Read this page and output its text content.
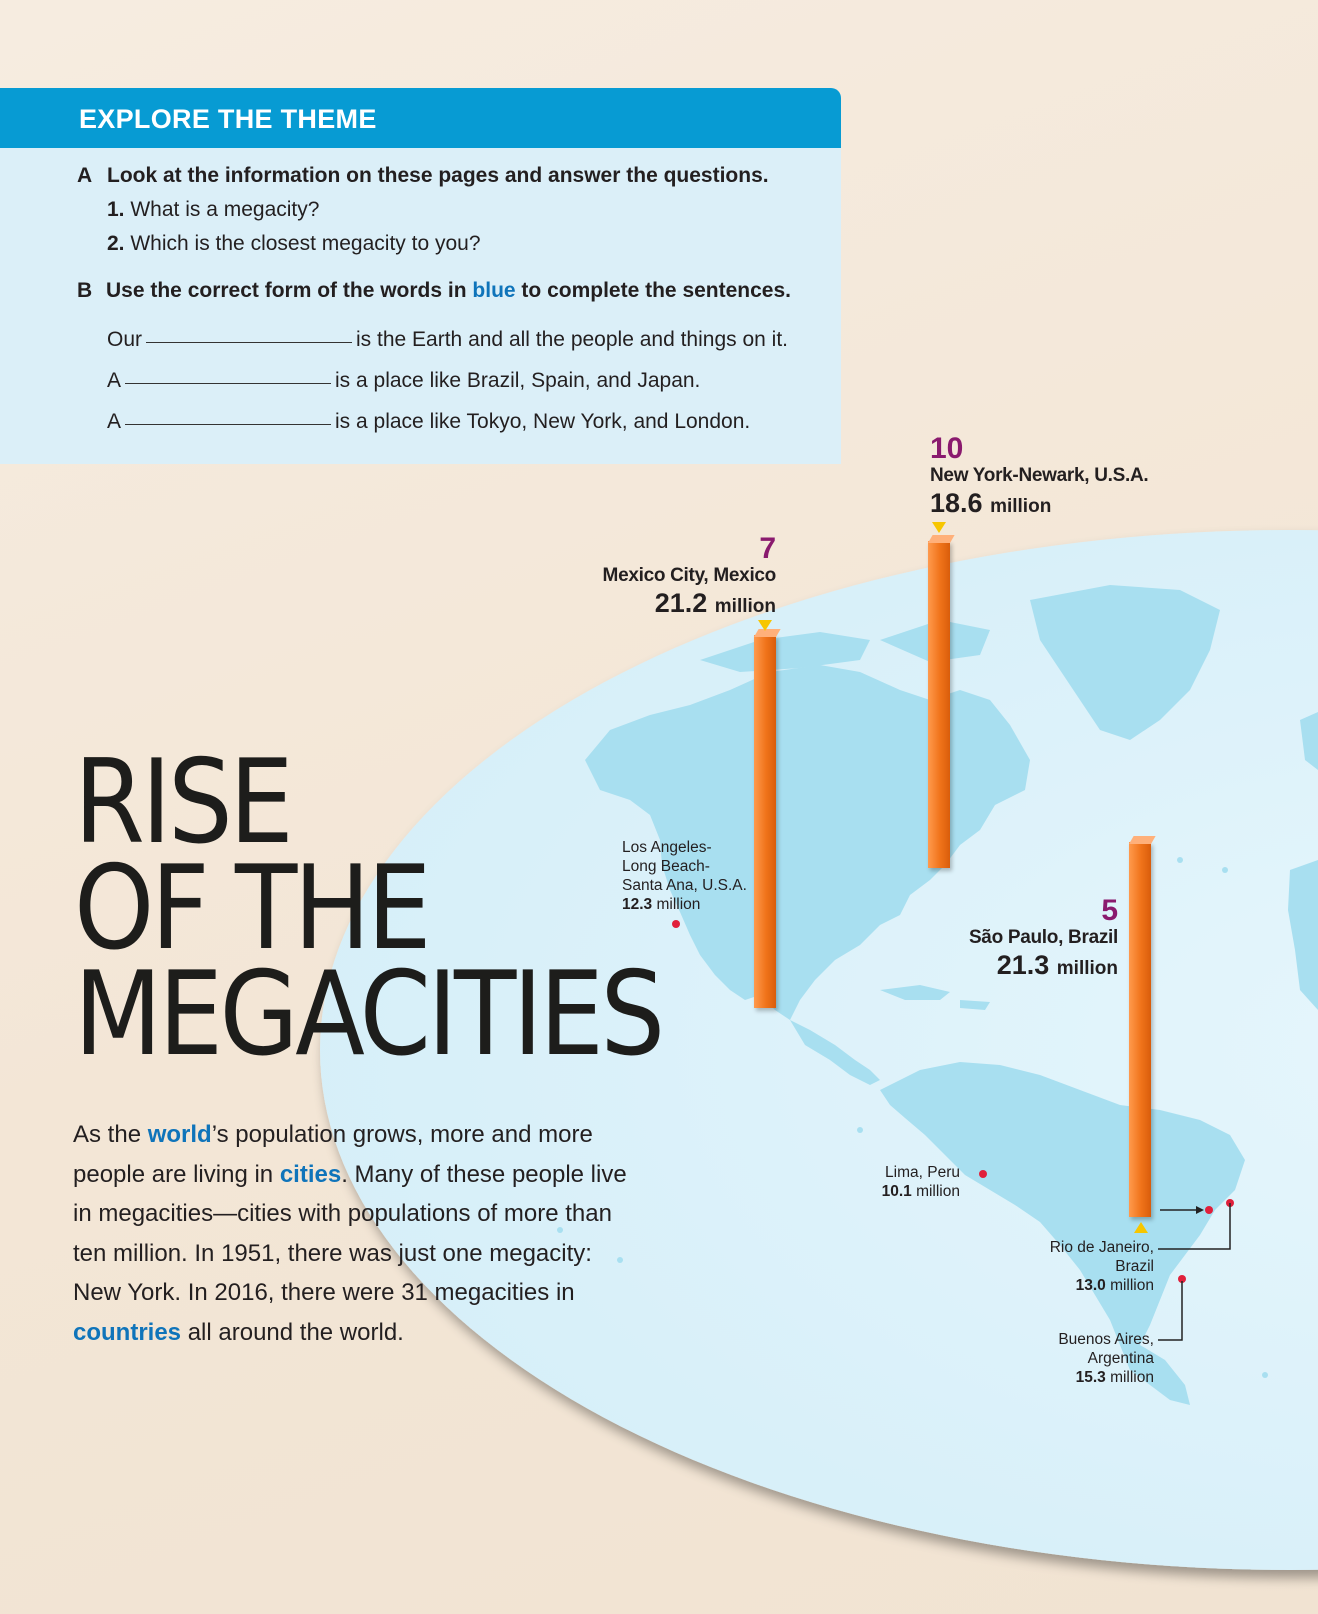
EXPLORE THE THEME
A Look at the information on these pages and answer the questions.
1. What is a megacity?
2. Which is the closest megacity to you?
B Use the correct form of the words in blue to complete the sentences.
Our	is the Earth and all the people and things on it.
A	is a place like Brazil, Spain, and Japan.
A	is a place like Tokyo, New York, and London.
RISE
OF THE
MEGACITIES
As the world’s population grows, more and more people are living in cities. Many of these people live in megacities—cities with populations of more than ten million. In 1951, there was just one megacity: New York. In 2016, there were 31 megacities in countries all around the world.
7
Mexico City, Mexico
21.2 million
10
New York-Newark, U.S.A.
18.6 million
5
São Paulo, Brazil
21.3 million
Los Angeles-
Long Beach-
Santa Ana, U.S.A.
12.3 million
Lima, Peru
10.1 million
Rio de Janeiro,
Brazil
13.0 million
Buenos Aires,
Argentina
15.3 million
